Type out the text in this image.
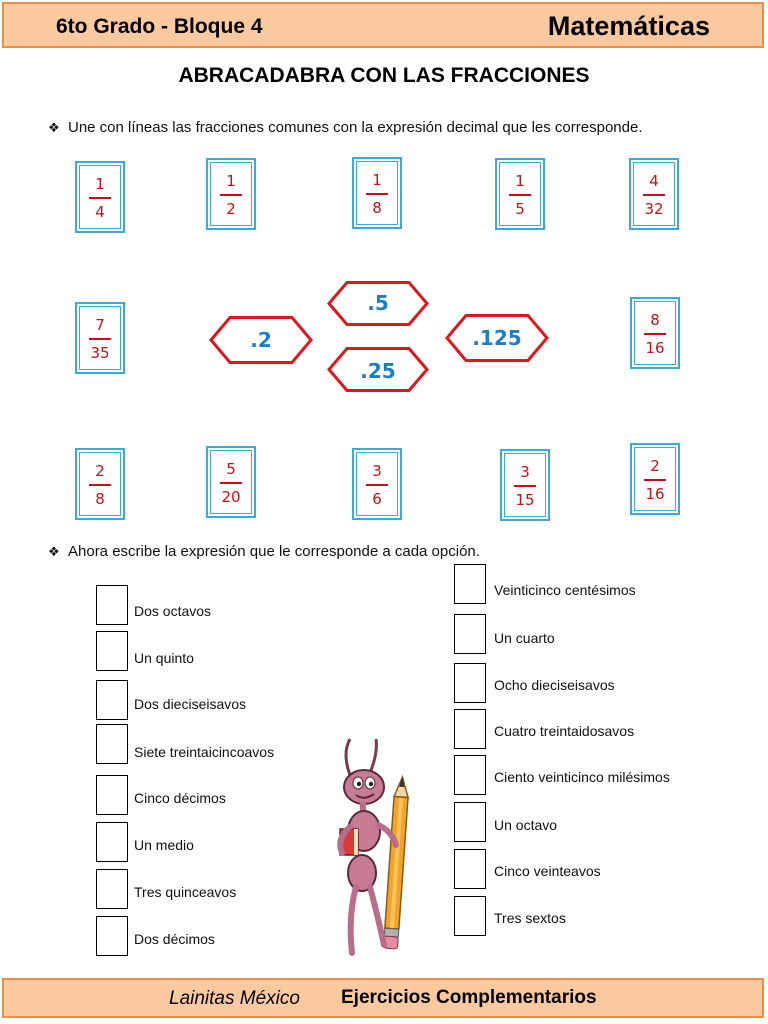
6to Grado - Bloque 4	Matemáticas
ABRACADABRA CON LAS FRACCIONES
❖ Une con líneas las fracciones comunes con la expresión decimal que les corresponde.
1
4
1
2
1
8
1
5
4
32
7
35
8
16
.5
.2	.125
.25
2
8
5
20
3
6
3
15
2
16
❖ Ahora escribe la expresión que le corresponde a cada opción.
Dos octavos
Un quinto
Dos dieciseisavos
Siete treintaicincoavos
Cinco décimos
Un medio
Tres quinceavos
Dos décimos
Veinticinco centésimos
Un cuarto
Ocho dieciseisavos
Cuatro treintaidosavos
Ciento veinticinco milésimos
Un octavo
Cinco veinteavos
Tres sextos
Lainitas México Ejercicios Complementarios
